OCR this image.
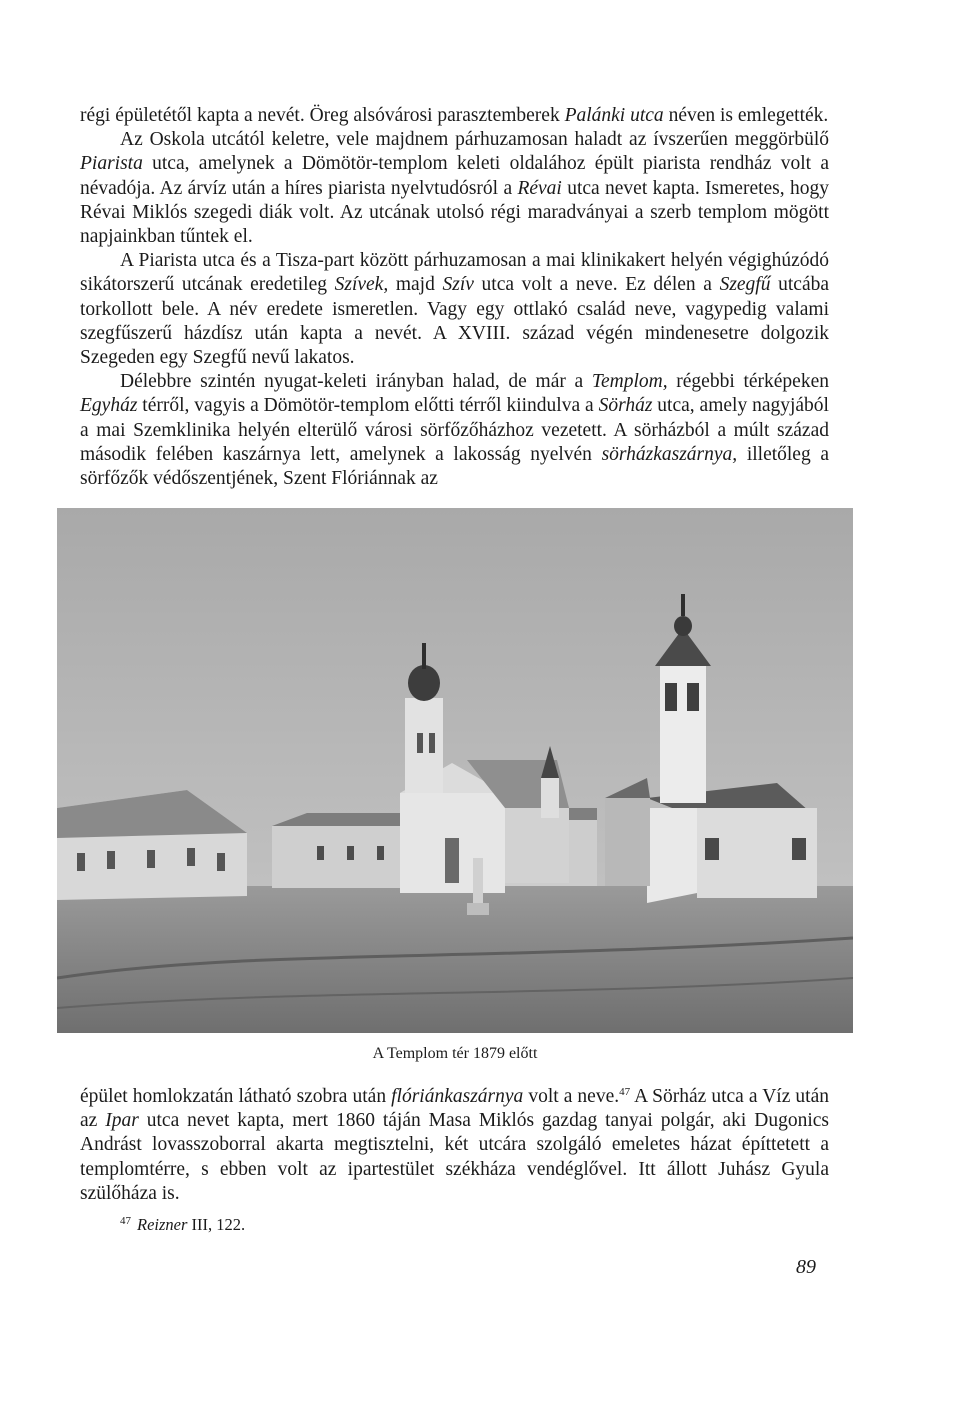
régi épületétől kapta a nevét. Öreg alsóvárosi parasztemberek Palánki utca néven is emlegették.

Az Oskola utcától keletre, vele majdnem párhuzamosan haladt az ívszerűen meggörbülő Piarista utca, amelynek a Dömötör-templom keleti oldalához épült piarista rendház volt a névadója. Az árvíz után a híres piarista nyelvtudósról a Révai utca nevet kapta. Ismeretes, hogy Révai Miklós szegedi diák volt. Az utcának utolsó régi maradványai a szerb templom mögött napjainkban tűntek el.

A Piarista utca és a Tisza-part között párhuzamosan a mai klinikakert helyén végighúzódó sikátorszerű utcának eredetileg Szívek, majd Szív utca volt a neve. Ez délen a Szegfű utcába torkollott bele. A név eredete ismeretlen. Vagy egy ottlakó család neve, vagypedig valami szegfűszerű házdísz után kapta a nevét. A XVIII. század végén mindenesetre dolgozik Szegeden egy Szegfű nevű lakatos.

Délebbre szintén nyugat-keleti irányban halad, de már a Templom, régebbi térképeken Egyház térről, vagyis a Dömötör-templom előtti térről kiindulva a Sörház utca, amely nagyjából a mai Szemklinika helyén elterülő városi sörfőzőházhoz vezetett. A sörházból a múlt század második felében kaszárnya lett, amelynek a lakosság nyelvén sörházkaszárnya, illetőleg a sörfőzők védőszentjének, Szent Flóriánnak az

A Templom tér 1879 előtt

épület homlokzatán látható szobra után flóriánkaszárnya volt a neve.$^{47}$ A Sörház utca a Víz után az Ipar utca nevet kapta, mert 1860 táján Masa Miklós gazdag tanyai polgár, aki Dugonics Andrást lovasszoborral akarta megtisztelni, két utcára szolgáló emeletes házat építtetett a templomtérre, s ebben volt az ipartestület székháza vendéglővel. Itt állott Juhász Gyula szülőháza is.

$^{47}$ Reizner III, 122.
89
